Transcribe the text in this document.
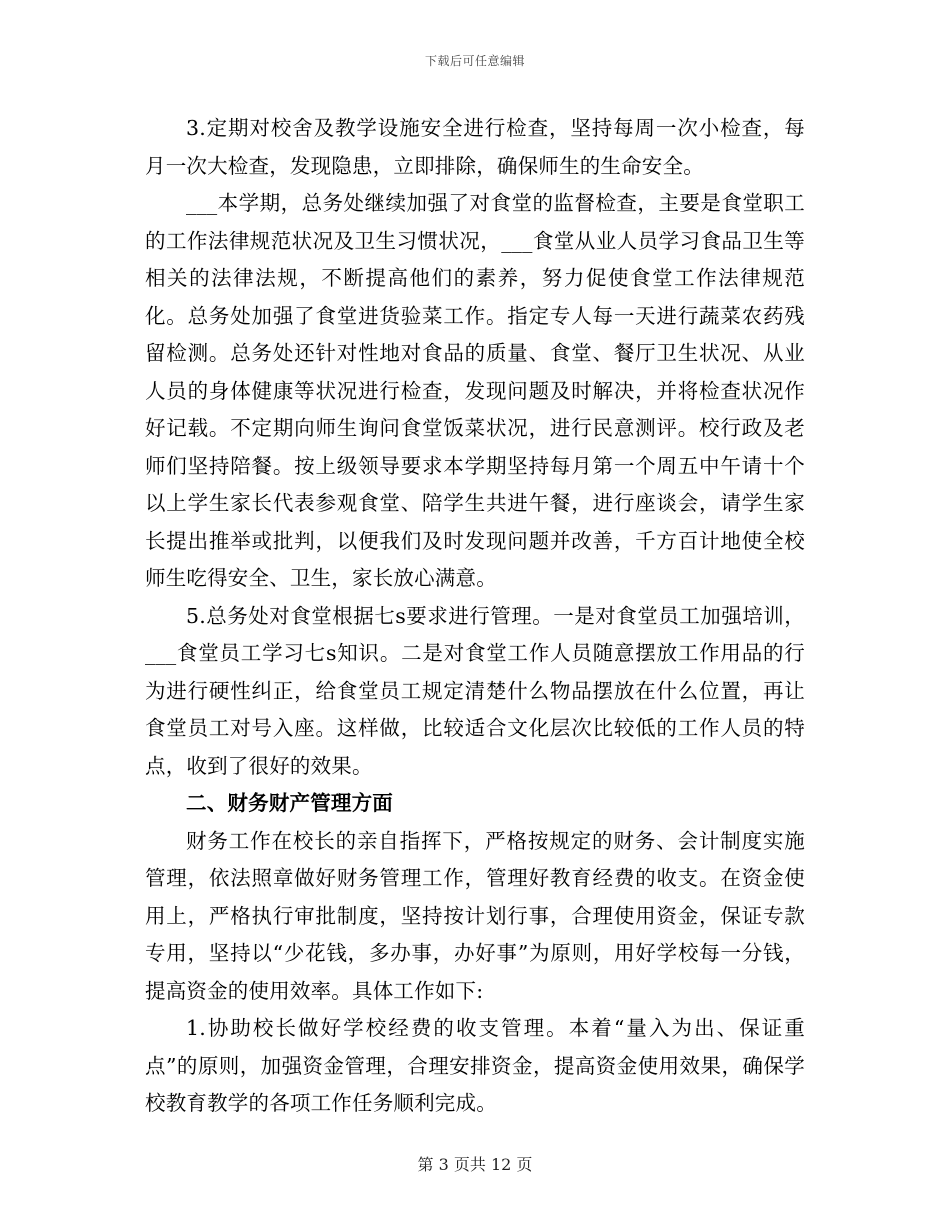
下载后可任意编辑

3.定期对校舍及教学设施安全进行检查，坚持每周一次小检查，每月一次大检查，发现隐患，立即排除，确保师生的生命安全。

___本学期，总务处继续加强了对食堂的监督检查，主要是食堂职工的工作法律规范状况及卫生习惯状况，___食堂从业人员学习食品卫生等相关的法律法规，不断提高他们的素养，努力促使食堂工作法律规范化。总务处加强了食堂进货验菜工作。指定专人每一天进行蔬菜农药残留检测。总务处还针对性地对食品的质量、食堂、餐厅卫生状况、从业人员的身体健康等状况进行检查，发现问题及时解决，并将检查状况作好记载。不定期向师生询问食堂饭菜状况，进行民意测评。校行政及老师们坚持陪餐。按上级领导要求本学期坚持每月第一个周五中午请十个以上学生家长代表参观食堂、陪学生共进午餐，进行座谈会，请学生家长提出推举或批判，以便我们及时发现问题并改善，千方百计地使全校师生吃得安全、卫生，家长放心满意。

5.总务处对食堂根据七s要求进行管理。一是对食堂员工加强培训，___食堂员工学习七s知识。二是对食堂工作人员随意摆放工作用品的行为进行硬性纠正，给食堂员工规定清楚什么物品摆放在什么位置，再让食堂员工对号入座。这样做，比较适合文化层次比较低的工作人员的特点，收到了很好的效果。

二、财务财产管理方面

财务工作在校长的亲自指挥下，严格按规定的财务、会计制度实施管理，依法照章做好财务管理工作，管理好教育经费的收支。在资金使用上，严格执行审批制度，坚持按计划行事，合理使用资金，保证专款专用，坚持以“少花钱，多办事，办好事”为原则，用好学校每一分钱，提高资金的使用效率。具体工作如下:

1.协助校长做好学校经费的收支管理。本着“量入为出、保证重点”的原则，加强资金管理，合理安排资金，提高资金使用效果，确保学校教育教学的各项工作任务顺利完成。

第 3 页共 12 页
